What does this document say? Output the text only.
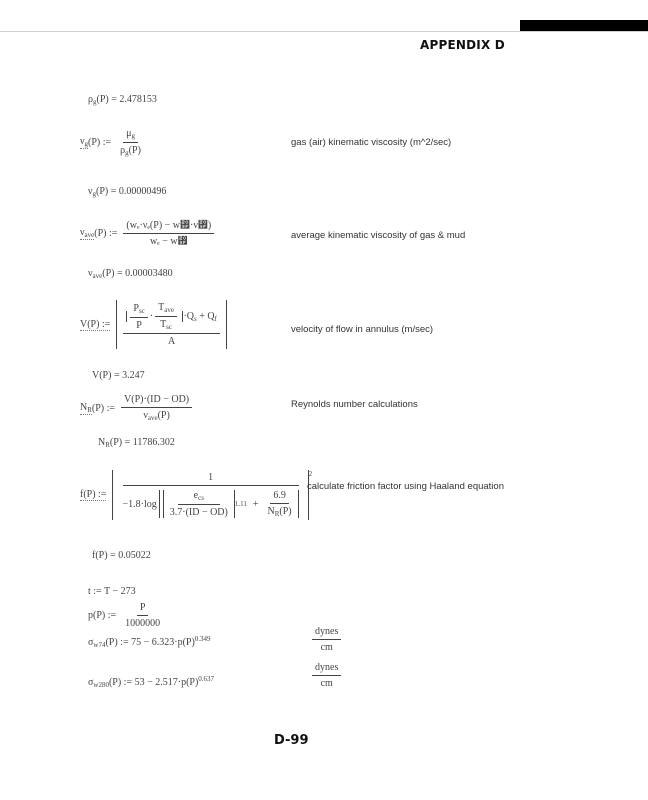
APPENDIX D
$\rho_g(P) = 2.478153$
$\nu_g$ (P) := $\frac{\mu_g}{\rho_g(P)}$	gas (air) kinematic viscosity (m^2/sec)
$\nu_g(P) = 0.00000496$
$\nu_{ave}$ (P) := $\frac{\text{(wₑ·νₑ(P) − w₟·ν₟)}}{\text{wₑ − w₟}}$	average kinematic viscosity of gas & mud
$\nu_{ave}(P) = 0.00003480$
V(P) := $\frac{\frac{P_{sc}}{P} \cdot \frac{T_{ave}}{T_{sc}} \cdot Q_s + Q_f}{A}$	velocity of flow in annulus (m/sec)
V(P) = 3.247
$N_R$ (P) := $\frac{V(P)\cdot(ID - OD)}{\nu_{ave}(P)}$	Reynolds number calculations
$N_R(P) = 11786.302$
f(P) :=
1
$-1.8\cdot\log \frac{e_{cs}}{3.7\cdot(ID - OD)} 1.11 + \frac{6.9}{N_R(P)}$
$^2$
calculate friction factor using Haaland equation
f(P) = 0.05022
t := T − 273
p(P) := $\frac{P}{1000000}$
$\sigma_{w74}(P)$ := $75 - 6.323\cdot p(P)^{0.349}$	$\frac{\text{dynes}}{cm}$
$\sigma_{w280}(P)$ := $53 - 2.517\cdot p(P)^{0.637}$	$\frac{\text{dynes}}{cm}$
D-99
